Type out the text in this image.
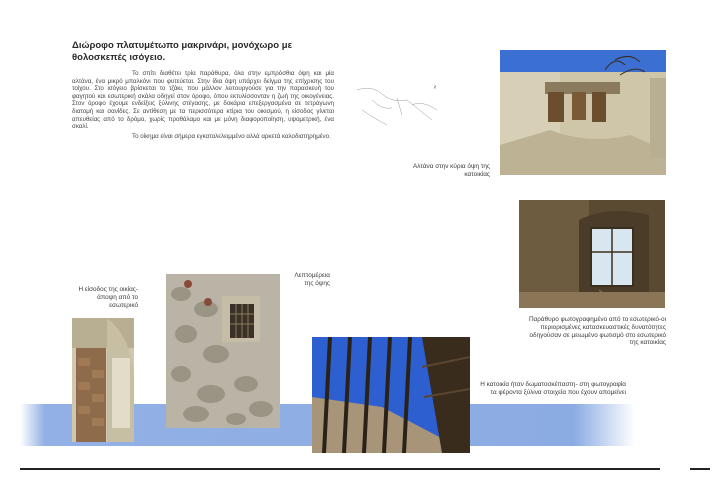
Διώροφο πλατυμέτωπο μακρινάρι, μονόχωρο με θολοσκεπές ισόγειο.

Το σπίτι διαθέτει τρία παράθυρα, όλα στην εμπρόσθια όψη και μία αλτάνα, ένα μικρό μπαλκόνι που φυτεύεται. Στην ίδια όψη υπάρχει δείγμα της επίχρισης του τοίχου. Στο ισόγειο βρίσκεται το τζάκι, που μάλλον λειτουργούσε για την παρασκευή του φαγητού και εσωτερική σκάλα οδηγεί στον όροφο, όπου εκτυλίσσονταν η ζωή της οικογένειας. Στον όροφο έχουμε ενδείξεις ξύλινης στέγασης, με δοκάρια επεξεργασμένα σε τετράγωνη διατομή και σανίδες. Σε αντίθεση με τα περισσότερα κτίρια του οικισμού, η είσοδος γίνεται απευθείας από το δρόμο, χωρίς προθάλαμο και με μόνη διαφοροποίηση, υψομετρική, ένα σκαλί.

Το οίκημα είναι σήμερα εγκαταλελειμμένο αλλά αρκετά καλοδιατηρημένο.

Αλτάνα στην κύρια όψη της κατοικίας
Παράθυρο φωτογραφημένο από το εσωτερικό-οι περιορισμένες κατασκευαστικές δυνατότητες οδηγούσαν σε μειωμένο φωτισμό στο εσωτερικό της κατοικίας
Λεπτομέρεια της όψης
Η είσοδος της οικίας-άποψη από το εσωτερικό
Η κατοικία ήταν δωματοσκέπαστη- στη φωτογραφία τα φέροντα ξύλινα στοιχεία που έχουν απομείνει
